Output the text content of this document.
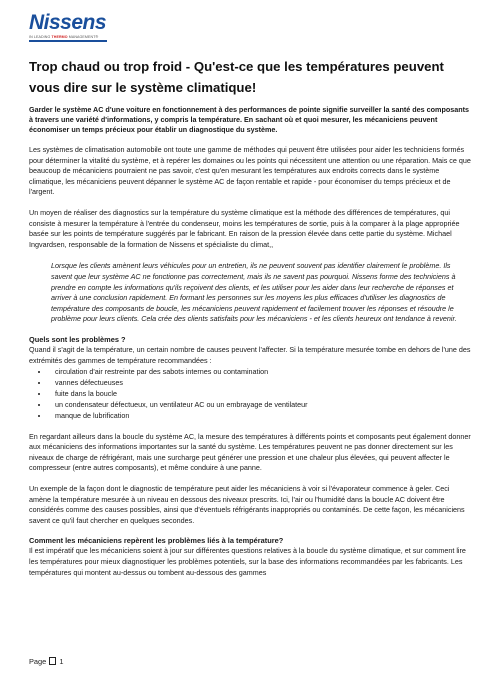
Nissens
IN LEADING THERMO MANAGEMENT®
Trop chaud ou trop froid - Qu'est-ce que les températures peuvent vous dire sur le système climatique!
Garder le système AC d'une voiture en fonctionnement à des performances de pointe signifie surveiller la santé des composants à travers une variété d'informations, y compris la température. En sachant où et quoi mesurer, les mécaniciens peuvent économiser un temps précieux pour établir un diagnostique du système.

Les systèmes de climatisation automobile ont toute une gamme de méthodes qui peuvent être utilisées pour aider les techniciens formés pour déterminer la vitalité du système, et à repérer les domaines ou les points qui nécessitent une attention ou une réparation. Mais ce que beaucoup de mécaniciens pourraient ne pas savoir, c'est qu'en mesurant les températures aux endroits corrects dans le système climatique, les mécaniciens peuvent dépanner le système AC de façon rentable et rapide - pour économiser du temps précieux et de l'argent.

Un moyen de réaliser des diagnostics sur la température du système climatique est la méthode des différences de températures, qui consiste à mesurer la température à l'entrée du condenseur, moins les températures de sortie, puis à la comparer à la plage appropriée basée sur les points de température suggérés par le fabricant. En raison de la pression élevée dans cette partie du système. Michael Ingvardsen, responsable de la formation de Nissens et spécialiste du climat,,

Lorsque les clients amènent leurs véhicules pour un entretien, ils ne peuvent souvent pas identifier clairement le problème. Ils savent que leur système AC ne fonctionne pas correctement, mais ils ne savent pas pourquoi. Nissens forme des techniciens à prendre en compte les informations qu'ils reçoivent des clients, et les utiliser pour les aider dans leur recherche de réponses et arriver à une conclusion rapidement. En formant les personnes sur les moyens les plus efficaces d'utiliser les diagnostics de température des composants de boucle, les mécaniciens peuvent rapidement et facilement trouver les réponses et résoudre le problème pour leurs clients. Cela crée des clients satisfaits pour les mécaniciens - et les clients heureux ont tendance à revenir.
Quels sont les problèmes ?

Quand il s'agit de la température, un certain nombre de causes peuvent l'affecter. Si la température mesurée tombe en dehors de l'une des extrémités des gammes de température recommandées :

• circulation d'air restreinte par des sabots internes ou contamination
• vannes défectueuses
• fuite dans la boucle
• un condensateur défectueux, un ventilateur AC ou un embrayage de ventilateur
• manque de lubrification

En regardant ailleurs dans la boucle du système AC, la mesure des températures à différents points et composants peut également donner aux mécaniciens des informations importantes sur la santé du système. Les températures peuvent ne pas donner directement sur les niveaux de charge de réfrigérant, mais une surcharge peut générer une pression et une chaleur plus élevées, qui peuvent affecter le compresseur (entre autres composants), et même conduire à une panne.

Un exemple de la façon dont le diagnostic de température peut aider les mécaniciens à voir si l'évaporateur commence à geler. Ceci amène la température mesurée à un niveau en dessous des niveaux prescrits. Ici, l'air ou l'humidité dans la boucle AC doivent être considérés comme des causes possibles, ainsi que d'éventuels réfrigérants inappropriés ou contaminés. De cette façon, les mécaniciens savent ce qu'il faut chercher en quelques secondes.

Comment les mécaniciens repèrent les problèmes liés à la température?

Il est impératif que les mécaniciens soient à jour sur différentes questions relatives à la boucle du système climatique, et sur comment lire les températures pour mieux diagnostiquer les problèmes potentiels, sur la base des informations recommandées par les fabricants. Les températures qui montent au-dessus ou tombent au-dessous des gammes

Page 1
